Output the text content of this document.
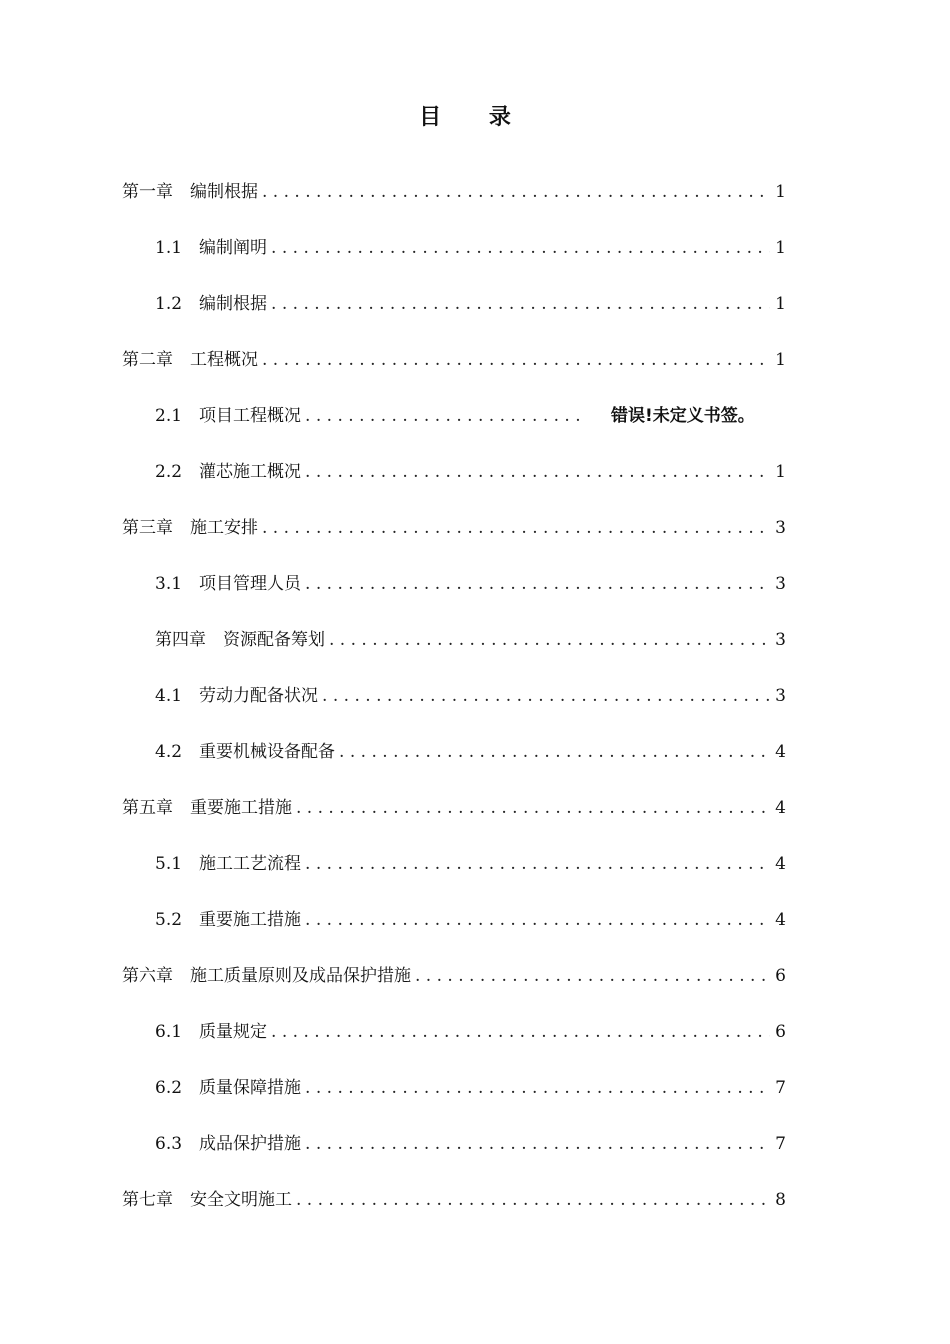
目 录
第一章 编制根据 . . .	1
1.1 编制阐明 . . .	1
1.2 编制根据 . . .	1
第二章 工程概况 . . .	1
2.1 项目工程概况 . . .	错误!未定义书签。
2.2 灌芯施工概况 . . .	1
第三章 施工安排 . . .	3
3.1 项目管理人员 . . .	3
第四章 资源配备筹划 . . .	3
4.1 劳动力配备状况 . . .	3
4.2 重要机械设备配备 . . .	4
第五章 重要施工措施 . . .	4
5.1 施工工艺流程 . . .	4
5.2 重要施工措施 . . .	4
第六章 施工质量原则及成品保护措施 . . .	6
6.1 质量规定 . . .	6
6.2 质量保障措施 . . .	7
6.3 成品保护措施 . . .	7
第七章 安全文明施工 . . .	8
